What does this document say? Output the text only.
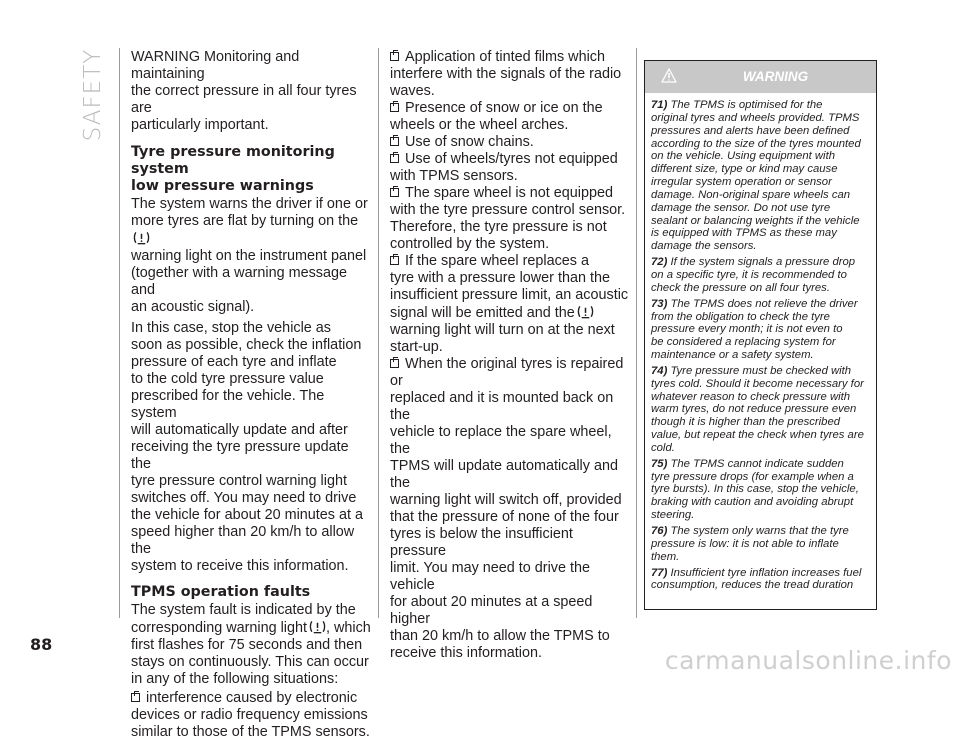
SAFETY WARNING Monitoring and maintaining
the correct pressure in all four tyres are
particularly important.

Tyre pressure monitoring system
low pressure warnings

The system warns the driver if one or
more tyres are flat by turning on the
warning light on the instrument panel
(together with a warning message and
an acoustic signal).

In this case, stop the vehicle as
soon as possible, check the inflation
pressure of each tyre and inflate
to the cold tyre pressure value
prescribed for the vehicle. The system
will automatically update and after
receiving the tyre pressure update the
tyre pressure control warning light
switches off. You may need to drive
the vehicle for about 20 minutes at a
speed higher than 20 km/h to allow the
system to receive this information.

TPMS operation faults

The system fault is indicated by the
corresponding warning light , which
first flashes for 75 seconds and then
stays on continuously. This can occur
in any of the following situations:

interference caused by electronic
devices or radio frequency emissions
similar to those of the TPMS sensors.
Application of tinted films which
interfere with the signals of the radio
waves.
Presence of snow or ice on the
wheels or the wheel arches.
Use of snow chains.
Use of wheels/tyres not equipped
with TPMS sensors.
The spare wheel is not equipped
with the tyre pressure control sensor.
Therefore, the tyre pressure is not
controlled by the system.
If the spare wheel replaces a
tyre with a pressure lower than the
insufficient pressure limit, an acoustic
signal will be emitted and the
warning light will turn on at the next
start-up.
When the original tyres is repaired or
replaced and it is mounted back on the
vehicle to replace the spare wheel, the
TPMS will update automatically and the
warning light will switch off, provided
that the pressure of none of the four
tyres is below the insufficient pressure
limit. You may need to drive the vehicle
for about 20 minutes at a speed higher
than 20 km/h to allow the TPMS to
receive this information.
WARNING
71) The TPMS is optimised for the
original tyres and wheels provided. TPMS
pressures and alerts have been defined
according to the size of the tyres mounted
on the vehicle. Using equipment with
different size, type or kind may cause
irregular system operation or sensor
damage. Non-original spare wheels can
damage the sensor. Do not use tyre
sealant or balancing weights if the vehicle
is equipped with TPMS as these may
damage the sensors.
72) If the system signals a pressure drop
on a specific tyre, it is recommended to
check the pressure on all four tyres.
73) The TPMS does not relieve the driver
from the obligation to check the tyre
pressure every month; it is not even to
be considered a replacing system for
maintenance or a safety system.
74) Tyre pressure must be checked with
tyres cold. Should it become necessary for
whatever reason to check pressure with
warm tyres, do not reduce pressure even
though it is higher than the prescribed
value, but repeat the check when tyres are
cold.
75) The TPMS cannot indicate sudden
tyre pressure drops (for example when a
tyre bursts). In this case, stop the vehicle,
braking with caution and avoiding abrupt
steering.
76) The system only warns that the tyre
pressure is low: it is not able to inflate
them.
77) Insufficient tyre inflation increases fuel
consumption, reduces the tread duration
88
carmanualsonline.info
